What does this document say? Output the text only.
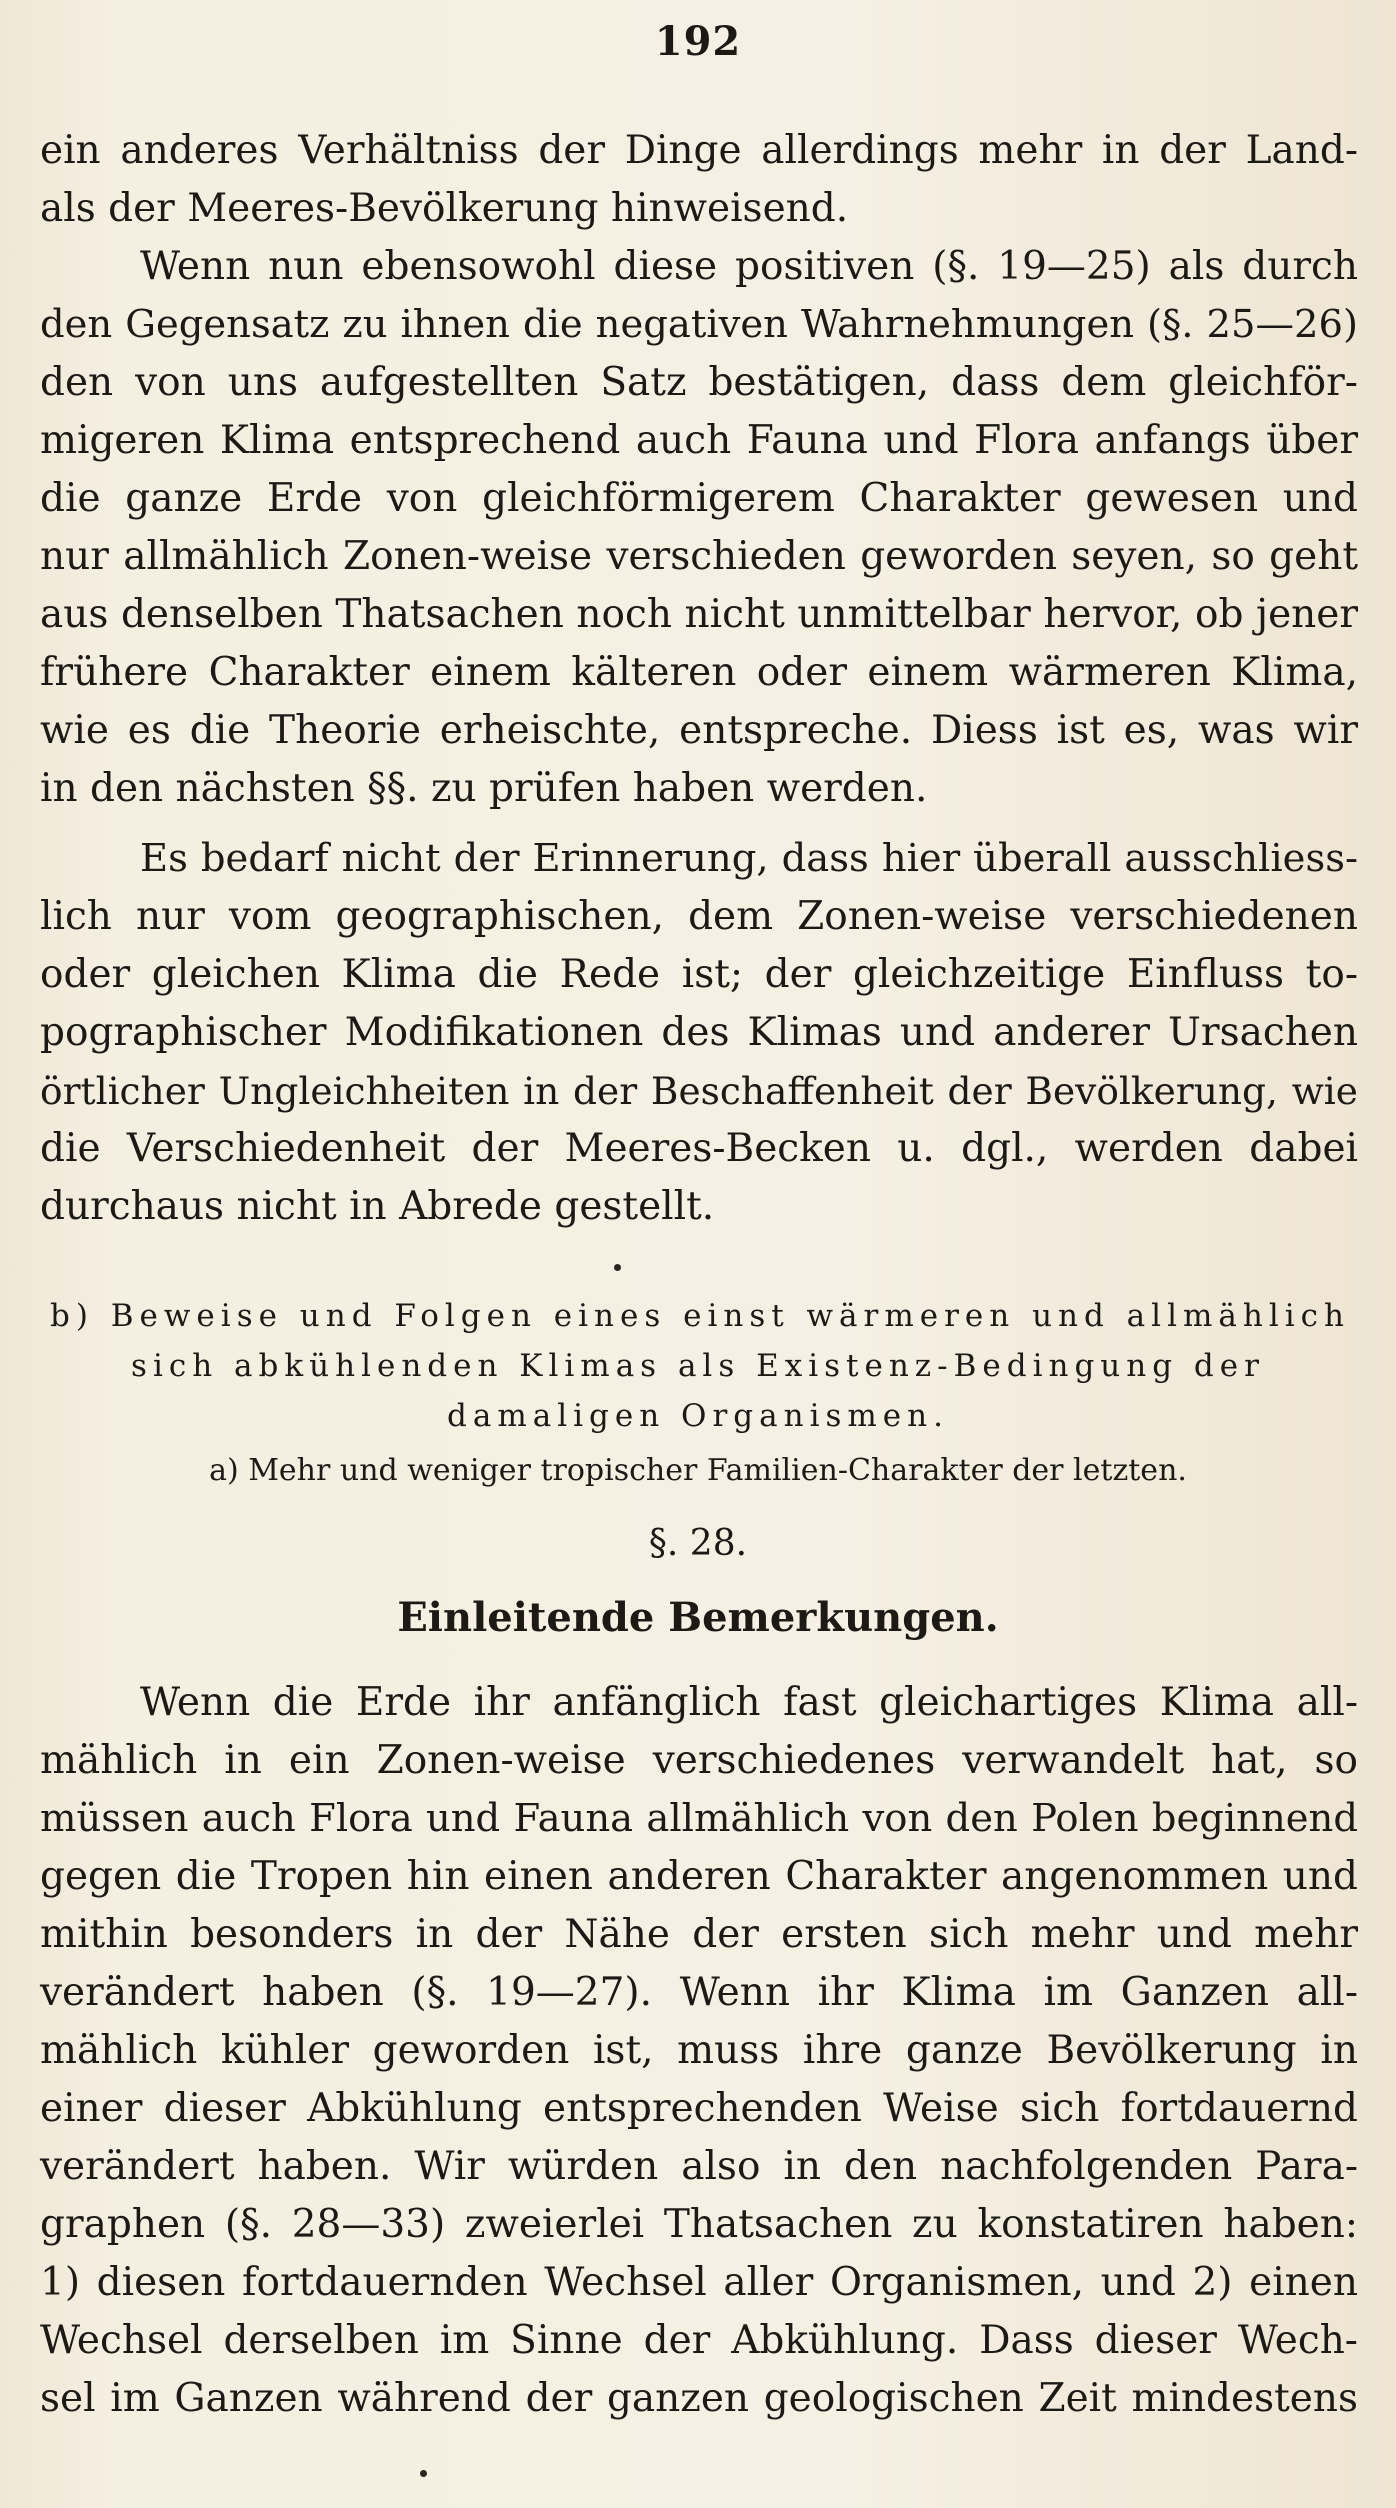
192
ein anderes Verhältniss der Dinge allerdings mehr in der Land-
als der Meeres-Bevölkerung hinweisend.
Wenn nun ebensowohl diese positiven (§. 19—25) als durch
den Gegensatz zu ihnen die negativen Wahrnehmungen (§. 25—26)
den von uns aufgestellten Satz bestätigen, dass dem gleichför-
migeren Klima entsprechend auch Fauna und Flora anfangs über
die ganze Erde von gleichförmigerem Charakter gewesen und
nur allmählich Zonen-weise verschieden geworden seyen, so geht
aus denselben Thatsachen noch nicht unmittelbar hervor, ob jener
frühere Charakter einem kälteren oder einem wärmeren Klima,
wie es die Theorie erheischte, entspreche. Diess ist es, was wir
in den nächsten §§. zu prüfen haben werden.
Es bedarf nicht der Erinnerung, dass hier überall ausschliess-
lich nur vom geographischen, dem Zonen-weise verschiedenen
oder gleichen Klima die Rede ist; der gleichzeitige Einfluss to-
pographischer Modifikationen des Klimas und anderer Ursachen
örtlicher Ungleichheiten in der Beschaffenheit der Bevölkerung, wie
die Verschiedenheit der Meeres-Becken u. dgl., werden dabei
durchaus nicht in Abrede gestellt.
b) Beweise und Folgen eines einst wärmeren und allmählich
sich abkühlenden Klimas als Existenz-Bedingung der
damaligen Organismen.
a) Mehr und weniger tropischer Familien-Charakter der letzten.
§. 28.
Einleitende Bemerkungen.
Wenn die Erde ihr anfänglich fast gleichartiges Klima all-
mählich in ein Zonen-weise verschiedenes verwandelt hat, so
müssen auch Flora und Fauna allmählich von den Polen beginnend
gegen die Tropen hin einen anderen Charakter angenommen und
mithin besonders in der Nähe der ersten sich mehr und mehr
verändert haben (§. 19—27). Wenn ihr Klima im Ganzen all-
mählich kühler geworden ist, muss ihre ganze Bevölkerung in
einer dieser Abkühlung entsprechenden Weise sich fortdauernd
verändert haben. Wir würden also in den nachfolgenden Para-
graphen (§. 28—33) zweierlei Thatsachen zu konstatiren haben:
1) diesen fortdauernden Wechsel aller Organismen, und 2) einen
Wechsel derselben im Sinne der Abkühlung. Dass dieser Wech-
sel im Ganzen während der ganzen geologischen Zeit mindestens
